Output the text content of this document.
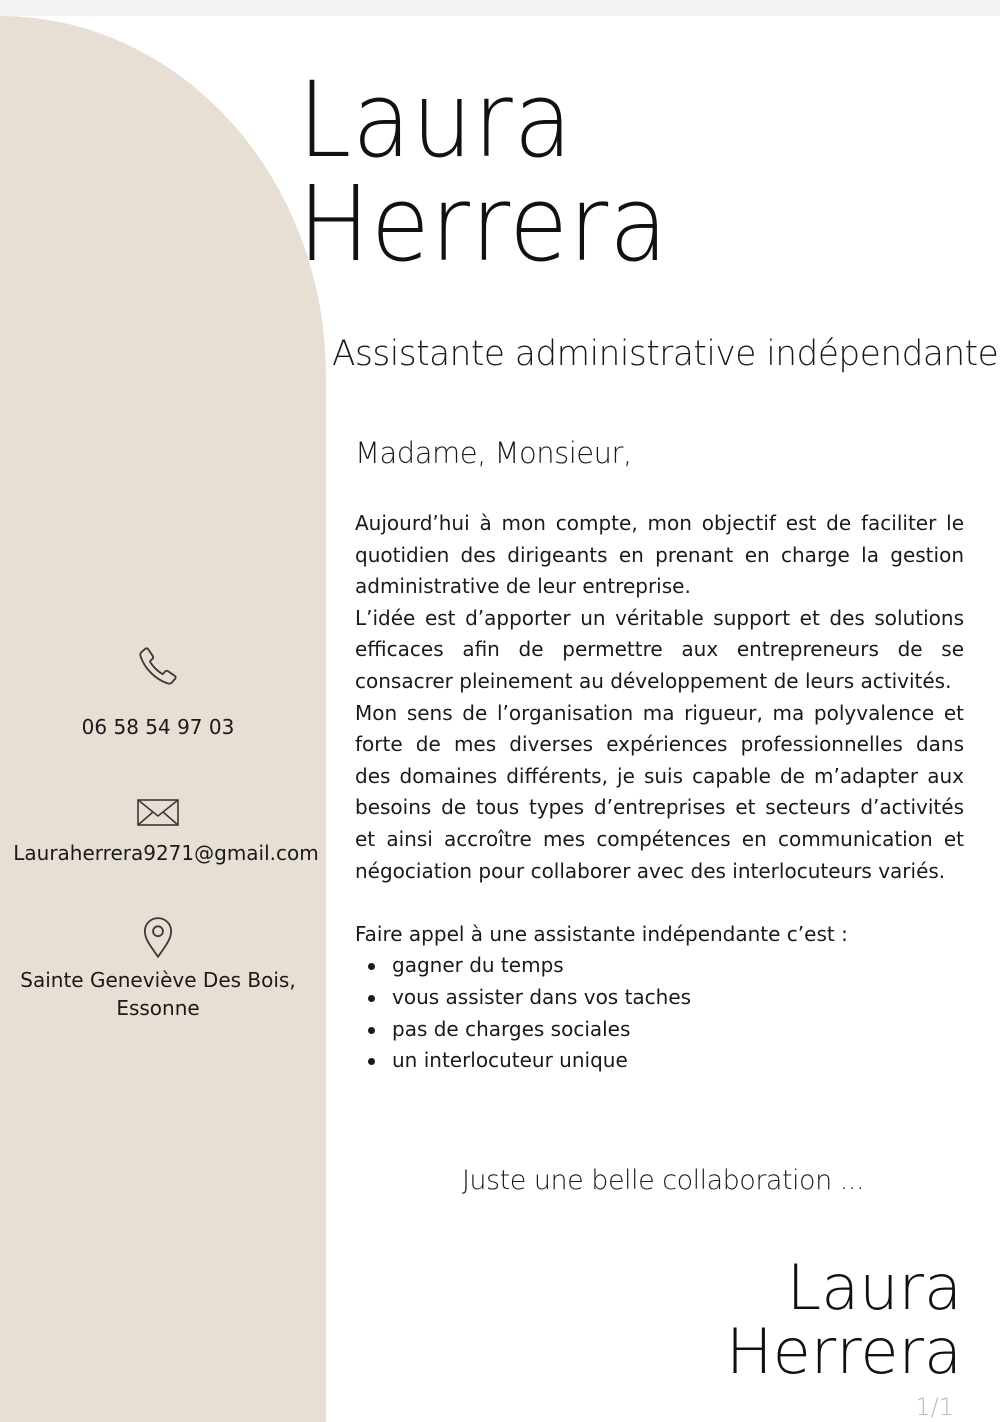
Laura
Herrera
Assistante administrative indépendante
06 58 54 97 03
Lauraherrera9271@gmail.com
Sainte Geneviève Des Bois,
Essonne
Madame, Monsieur,

Aujourd’hui à mon compte, mon objectif est de faciliter le quotidien des dirigeants en prenant en charge la gestion administrative de leur entreprise.

L’idée est d’apporter un véritable support et des solutions efficaces afin de permettre aux entrepreneurs de se consacrer pleinement au développement de leurs activités.

Mon sens de l’organisation ma rigueur, ma polyvalence et forte de mes diverses expériences professionnelles dans des domaines différents, je suis capable de m’adapter aux besoins de tous types d’entreprises et secteurs d’activités et ainsi accroître mes compétences en communication et négociation pour collaborer avec des interlocuteurs variés.

Faire appel à une assistante indépendante c’est :

gagner du temps
vous assister dans vos taches
pas de charges sociales
un interlocuteur unique
Juste une belle collaboration ...
Laura
Herrera
1/1
